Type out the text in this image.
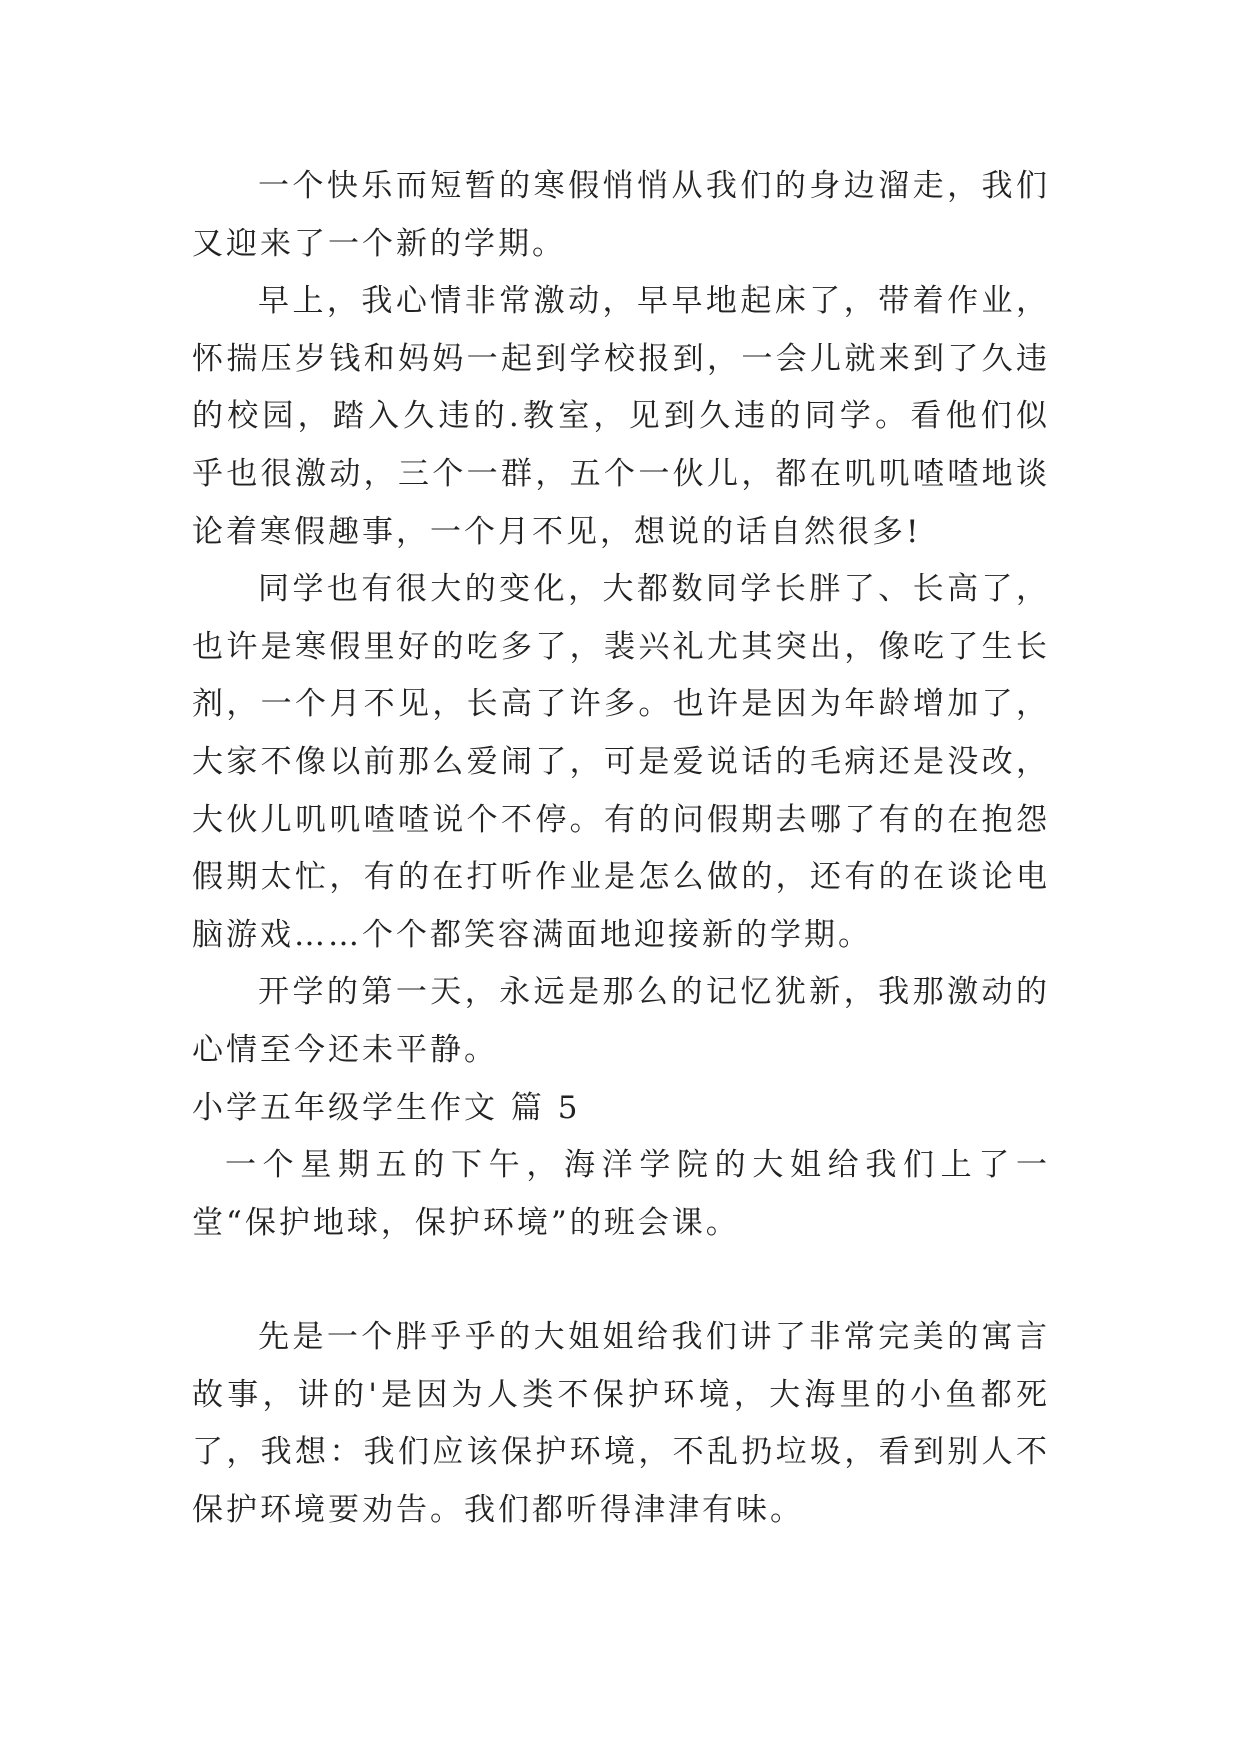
一个快乐而短暂的寒假悄悄从我们的身边溜走，我们又迎来了一个新的学期。

早上，我心情非常激动，早早地起床了，带着作业，怀揣压岁钱和妈妈一起到学校报到，一会儿就来到了久违的校园，踏入久违的.教室，见到久违的同学。看他们似乎也很激动，三个一群，五个一伙儿，都在叽叽喳喳地谈论着寒假趣事，一个月不见，想说的话自然很多!

同学也有很大的变化，大都数同学长胖了、长高了，也许是寒假里好的吃多了，裴兴礼尤其突出，像吃了生长剂，一个月不见，长高了许多。也许是因为年龄增加了，大家不像以前那么爱闹了，可是爱说话的毛病还是没改，大伙儿叽叽喳喳说个不停。有的问假期去哪了有的在抱怨假期太忙，有的在打听作业是怎么做的，还有的在谈论电脑游戏……个个都笑容满面地迎接新的学期。

开学的第一天，永远是那么的记忆犹新，我那激动的心情至今还未平静。

小学五年级学生作文 篇 5

一个星期五的下午，海洋学院的大姐给我们上了一堂“保护地球，保护环境”的班会课。

先是一个胖乎乎的大姐姐给我们讲了非常完美的寓言故事，讲的'是因为人类不保护环境，大海里的小鱼都死了，我想：我们应该保护环境，不乱扔垃圾，看到别人不保护环境要劝告。我们都听得津津有味。
